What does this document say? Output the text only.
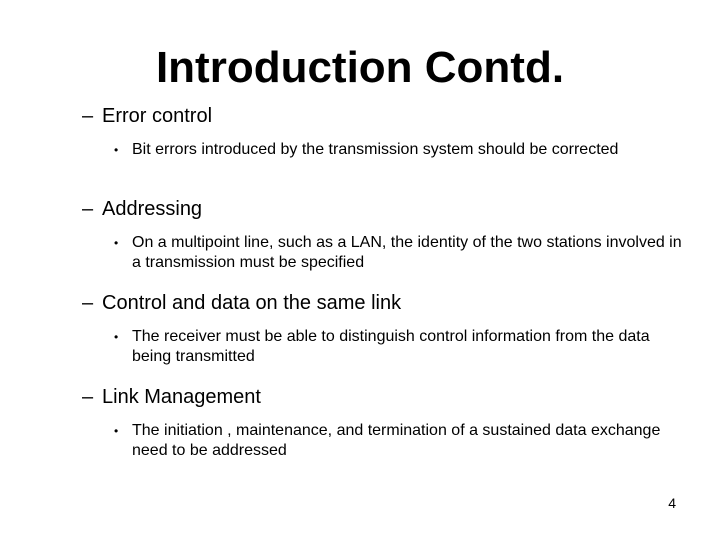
Introduction Contd.
– Error control
• Bit errors introduced by the transmission system should be corrected
– Addressing
• On a multipoint line, such as a LAN, the identity of the two stations involved in a transmission must be specified
– Control and data on the same link
• The receiver must be able to distinguish control information from the data being transmitted
– Link Management
• The initiation , maintenance, and termination of a sustained data exchange need to be addressed
4
